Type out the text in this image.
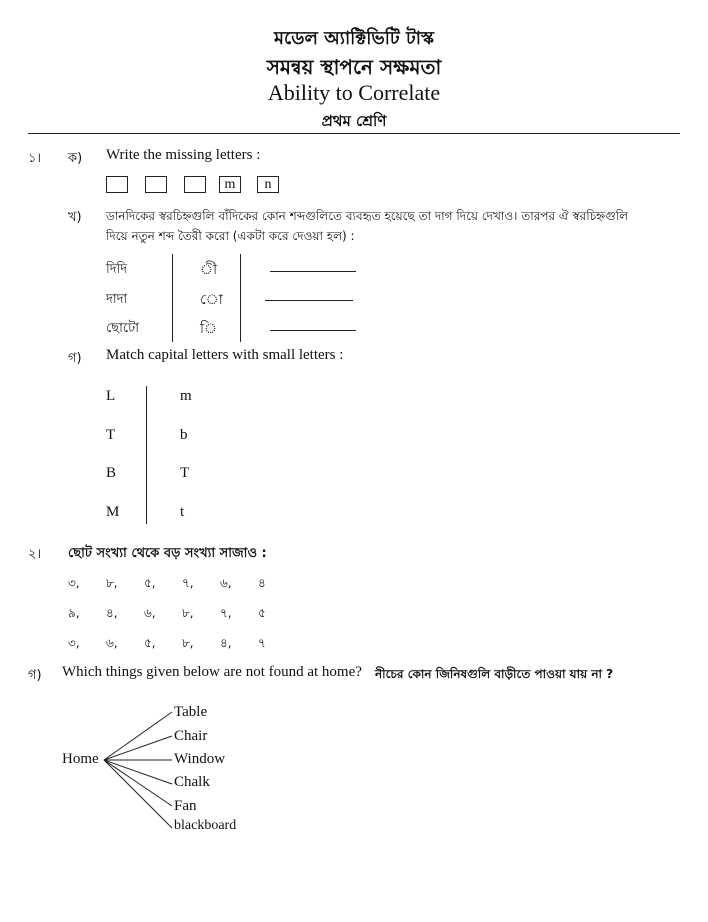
মডেল অ্যাক্টিভিটি টাস্ক
সমন্বয় স্থাপনে সক্ষমতা
Ability to Correlate
প্রথম শ্রেণি
১। ক) Write the missing letters :
m	n
খ) ডানদিকের স্বরচিহ্নগুলি বাঁদিকের কোন শব্দগুলিতে ব্যবহৃত হয়েছে তা দাগ দিয়ে দেখাও। তারপর ঐ স্বরচিহ্নগুলি
দিয়ে নতুন শব্দ তৈরী করো (একটা করে দেওয়া হল) :
দিদি
দাদা
ছোটো
ী
ো
ি
গ) Match capital letters with small letters :
L
T
B
M
m
b
T
t
২। ছোট সংখ্যা থেকে বড় সংখ্যা সাজাও :
৩,	৮,	৫,	৭,	৬,	৪
৯,	৪,	৬,	৮,	৭,	৫
৩,	৬,	৫,	৮,	৪,	৭
গ) Which things given below are not found at home? নীচের কোন জিনিষগুলি বাড়ীতে পাওয়া যায় না ?
Home
Table
Chair
Window
Chalk
Fan
blackboard
